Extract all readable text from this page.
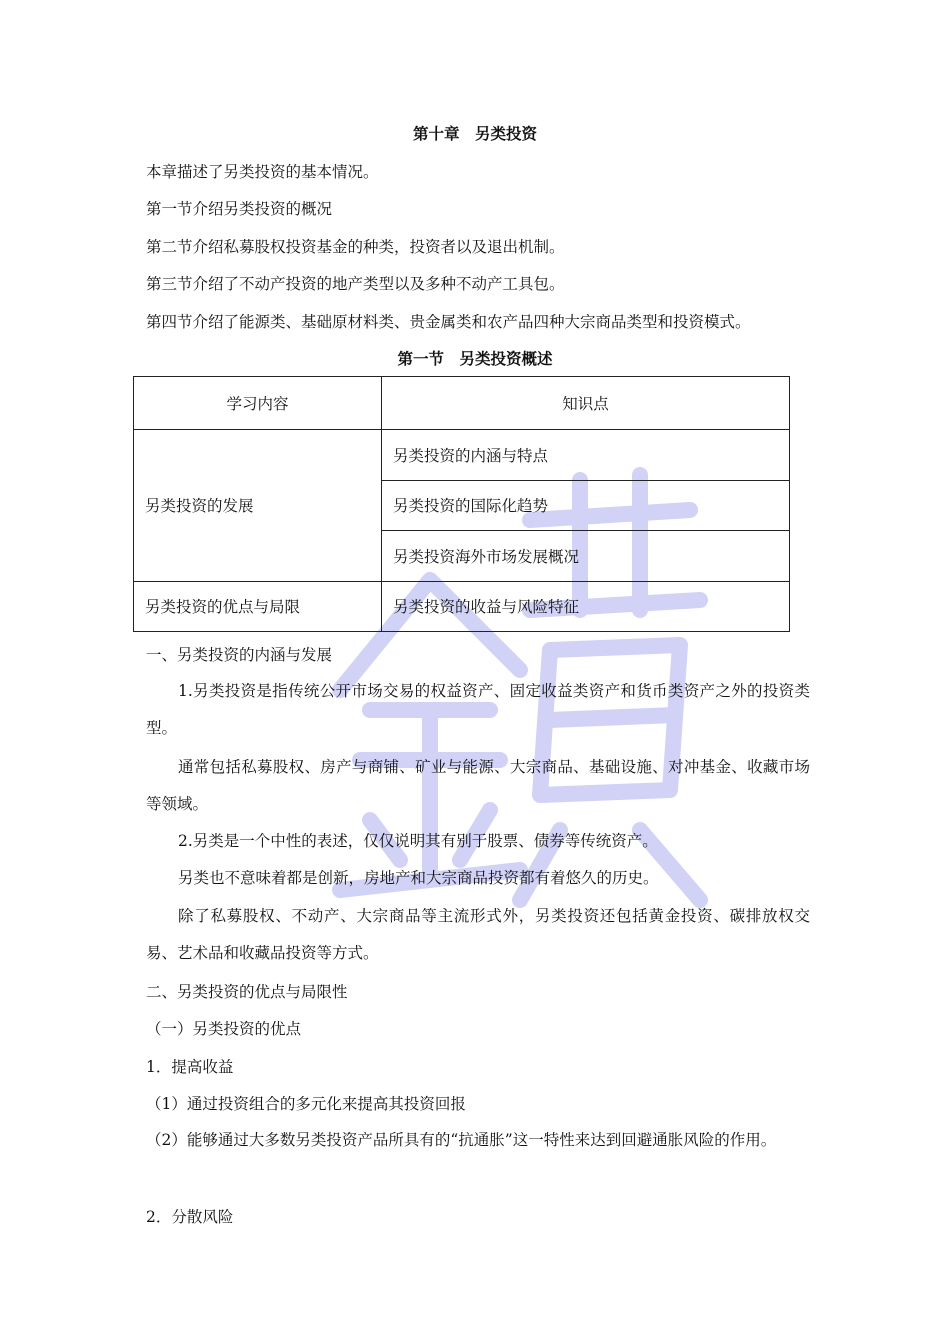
第十章　另类投资
本章描述了另类投资的基本情况。
第一节介绍另类投资的概况
第二节介绍私募股权投资基金的种类，投资者以及退出机制。
第三节介绍了不动产投资的地产类型以及多种不动产工具包。
第四节介绍了能源类、基础原材料类、贵金属类和农产品四种大宗商品类型和投资模式。
第一节　另类投资概述
学习内容	知识点
另类投资的发展	另类投资的内涵与特点
	另类投资的国际化趋势
	另类投资海外市场发展概况
另类投资的优点与局限	另类投资的收益与风险特征
一、另类投资的内涵与发展
1.另类投资是指传统公开市场交易的权益资产、固定收益类资产和货币类资产之外的投资类型。
通常包括私募股权、房产与商铺、矿业与能源、大宗商品、基础设施、对冲基金、收藏市场等领域。
2.另类是一个中性的表述，仅仅说明其有别于股票、债券等传统资产。
另类也不意味着都是创新，房地产和大宗商品投资都有着悠久的历史。
除了私募股权、不动产、大宗商品等主流形式外，另类投资还包括黄金投资、碳排放权交易、艺术品和收藏品投资等方式。
二、另类投资的优点与局限性
（一）另类投资的优点
1．提高收益
（1）通过投资组合的多元化来提高其投资回报
（2）能够通过大多数另类投资产品所具有的“抗通胀”这一特性来达到回避通胀风险的作用。
2．分散风险
